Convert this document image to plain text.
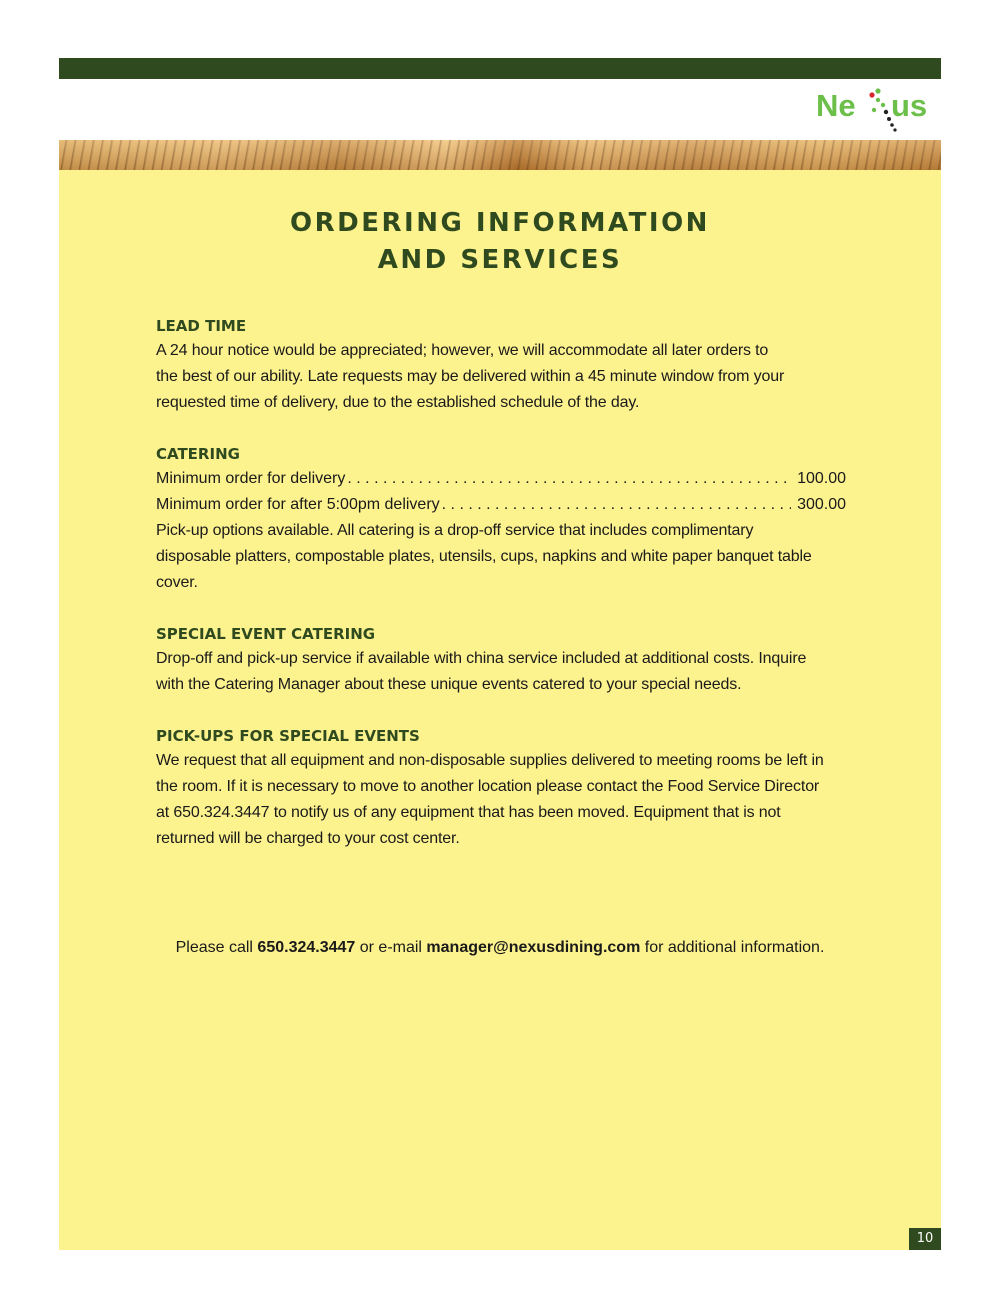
Ne us
ORDERING INFORMATION
AND SERVICES

LEAD TIME

A 24 hour notice would be appreciated; however, we will accommodate all later orders to
the best of our ability. Late requests may be delivered within a 45 minute window from your
requested time of delivery, due to the established schedule of the day.

CATERING

Minimum order for delivery . . .	100.00
Minimum order for after 5:00pm delivery . . .	300.00

Pick-up options available. All catering is a drop-off service that includes complimentary
disposable platters, compostable plates, utensils, cups, napkins and white paper banquet table
cover.

SPECIAL EVENT CATERING

Drop-off and pick-up service if available with china service included at additional costs. Inquire
with the Catering Manager about these unique events catered to your special needs.

PICK-UPS FOR SPECIAL EVENTS

We request that all equipment and non-disposable supplies delivered to meeting rooms be left in
the room. If it is necessary to move to another location please contact the Food Service Director
at 650.324.3447 to notify us of any equipment that has been moved. Equipment that is not
returned will be charged to your cost center.

Please call 650.324.3447 or e-mail manager@nexusdining.com for additional information.
10
